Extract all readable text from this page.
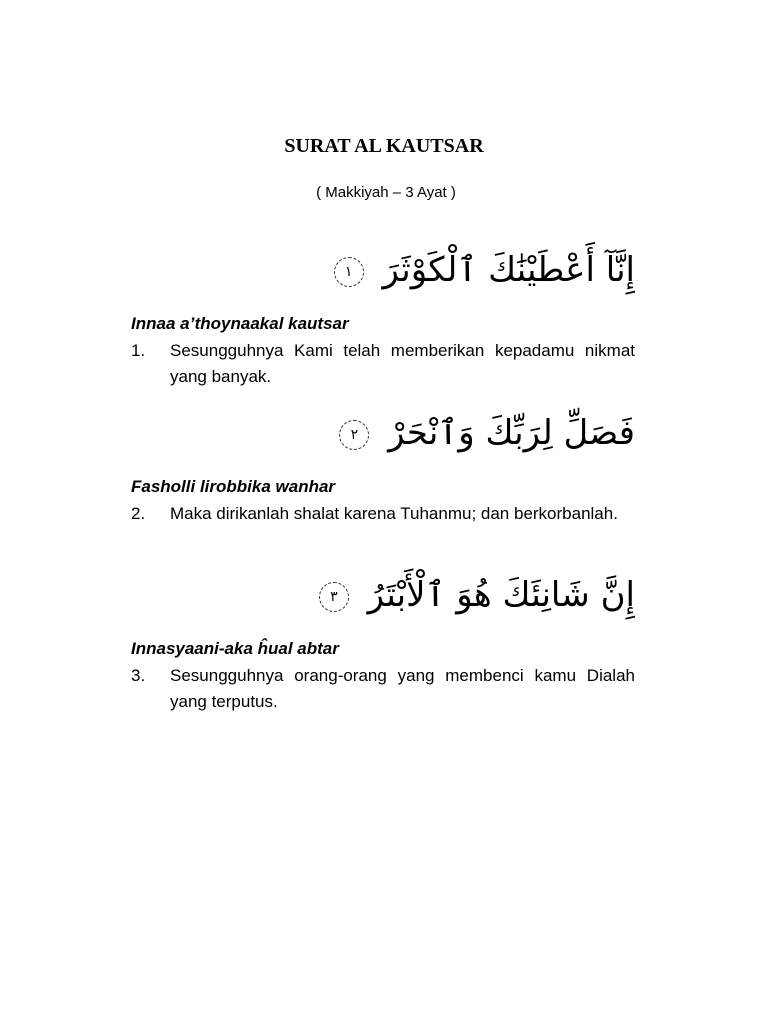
SURAT AL KAUTSAR
( Makkiyah – 3 Ayat )
إِنَّآ أَعْطَيْنَٰكَ ٱلْكَوْثَرَ ١
Innaa a’thoynaakal kautsar
1. Sesungguhnya Kami telah memberikan kepadamu nikmat yang banyak.
فَصَلِّ لِرَبِّكَ وَٱنْحَرْ ٢
Fasholli lirobbika wanhar
2. Maka dirikanlah shalat karena Tuhanmu; dan berkorbanlah.
إِنَّ شَانِئَكَ هُوَ ٱلْأَبْتَرُ ٣
Innasyaani-aka ĥual abtar
3. Sesungguhnya orang-orang yang membenci kamu Dialah yang terputus.
